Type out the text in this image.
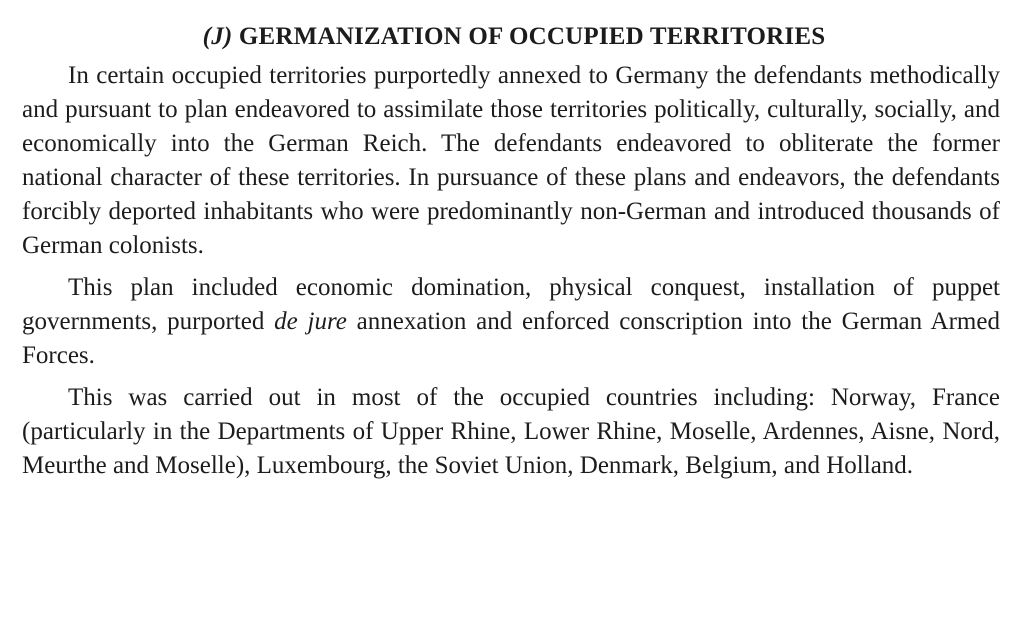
(J) GERMANIZATION OF OCCUPIED TERRITORIES

In certain occupied territories purportedly annexed to Germany the defendants methodically and pursuant to plan endeavored to assimilate those territories politically, culturally, socially, and economically into the German Reich. The defendants endeavored to obliterate the former national character of these territories. In pursuance of these plans and endeavors, the defendants forcibly deported inhabitants who were predominantly non-German and introduced thousands of German colonists.

This plan included economic domination, physical conquest, installation of puppet governments, purported de jure annexation and enforced conscription into the German Armed Forces.

This was carried out in most of the occupied countries including: Norway, France (particularly in the Departments of Upper Rhine, Lower Rhine, Moselle, Ardennes, Aisne, Nord, Meurthe and Moselle), Luxembourg, the Soviet Union, Denmark, Belgium, and Holland.
